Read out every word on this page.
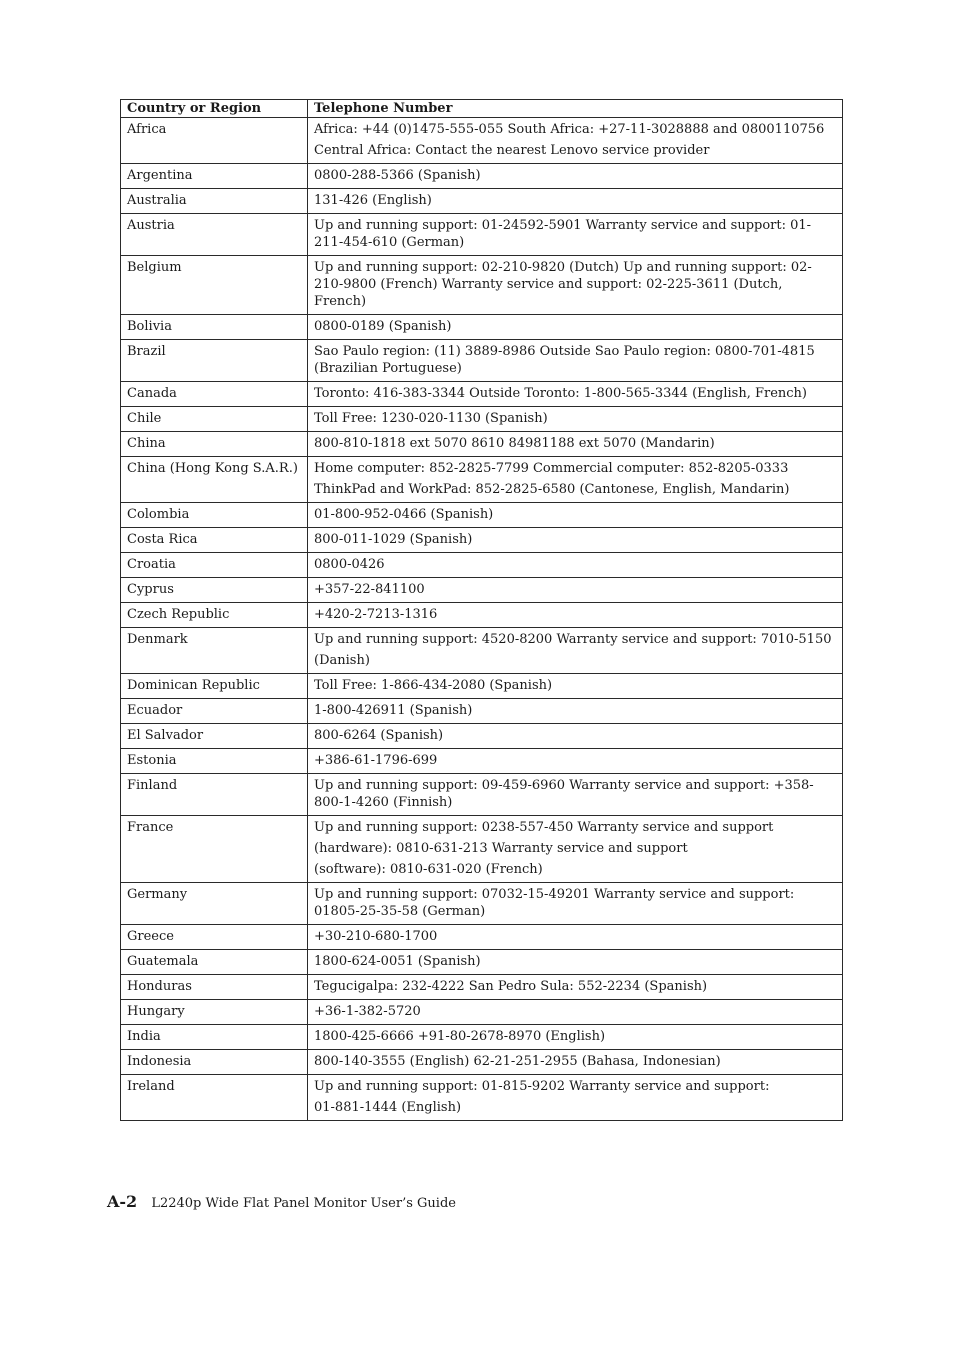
Country or Region	Telephone Number
Africa	Africa: +44 (0)1475-555-055 South Africa: +27-11-3028888 and 0800110756
Central Africa: Contact the nearest Lenovo service provider

Argentina	0800-288-5366 (Spanish)

Australia	131-426 (English)

Austria	Up and running support: 01-24592-5901 Warranty service and support: 01-211-454-610 (German)

Belgium	Up and running support: 02-210-9820 (Dutch) Up and running support: 02-210-9800 (French) Warranty service and support: 02-225-3611 (Dutch, French)

Bolivia	0800-0189 (Spanish)

Brazil	Sao Paulo region: (11) 3889-8986 Outside Sao Paulo region: 0800-701-4815 (Brazilian Portuguese)

Canada	Toronto: 416-383-3344 Outside Toronto: 1-800-565-3344 (English, French)

Chile	Toll Free: 1230-020-1130 (Spanish)

China	800-810-1818 ext 5070 8610 84981188 ext 5070 (Mandarin)

China (Hong Kong S.A.R.)	Home computer: 852-2825-7799 Commercial computer: 852-8205-0333
ThinkPad and WorkPad: 852-2825-6580 (Cantonese, English, Mandarin)

Colombia	01-800-952-0466 (Spanish)

Costa Rica	800-011-1029 (Spanish)

Croatia	0800-0426

Cyprus	+357-22-841100

Czech Republic	+420-2-7213-1316

Denmark	Up and running support: 4520-8200 Warranty service and support: 7010-5150
(Danish)

Dominican Republic	Toll Free: 1-866-434-2080 (Spanish)

Ecuador	1-800-426911 (Spanish)

El Salvador	800-6264 (Spanish)

Estonia	+386-61-1796-699

Finland	Up and running support: 09-459-6960 Warranty service and support: +358-800-1-4260 (Finnish)

France	Up and running support: 0238-557-450 Warranty service and support
(hardware): 0810-631-213 Warranty service and support
(software): 0810-631-020 (French)

Germany	Up and running support: 07032-15-49201 Warranty service and support: 01805-25-35-58 (German)

Greece	+30-210-680-1700

Guatemala	1800-624-0051 (Spanish)

Honduras	Tegucigalpa: 232-4222 San Pedro Sula: 552-2234 (Spanish)

Hungary	+36-1-382-5720

India	1800-425-6666 +91-80-2678-8970 (English)

Indonesia	800-140-3555 (English) 62-21-251-2955 (Bahasa, Indonesian)

Ireland	Up and running support: 01-815-9202 Warranty service and support:
01-881-1444 (English)
A-2 L2240p Wide Flat Panel Monitor User’s Guide
